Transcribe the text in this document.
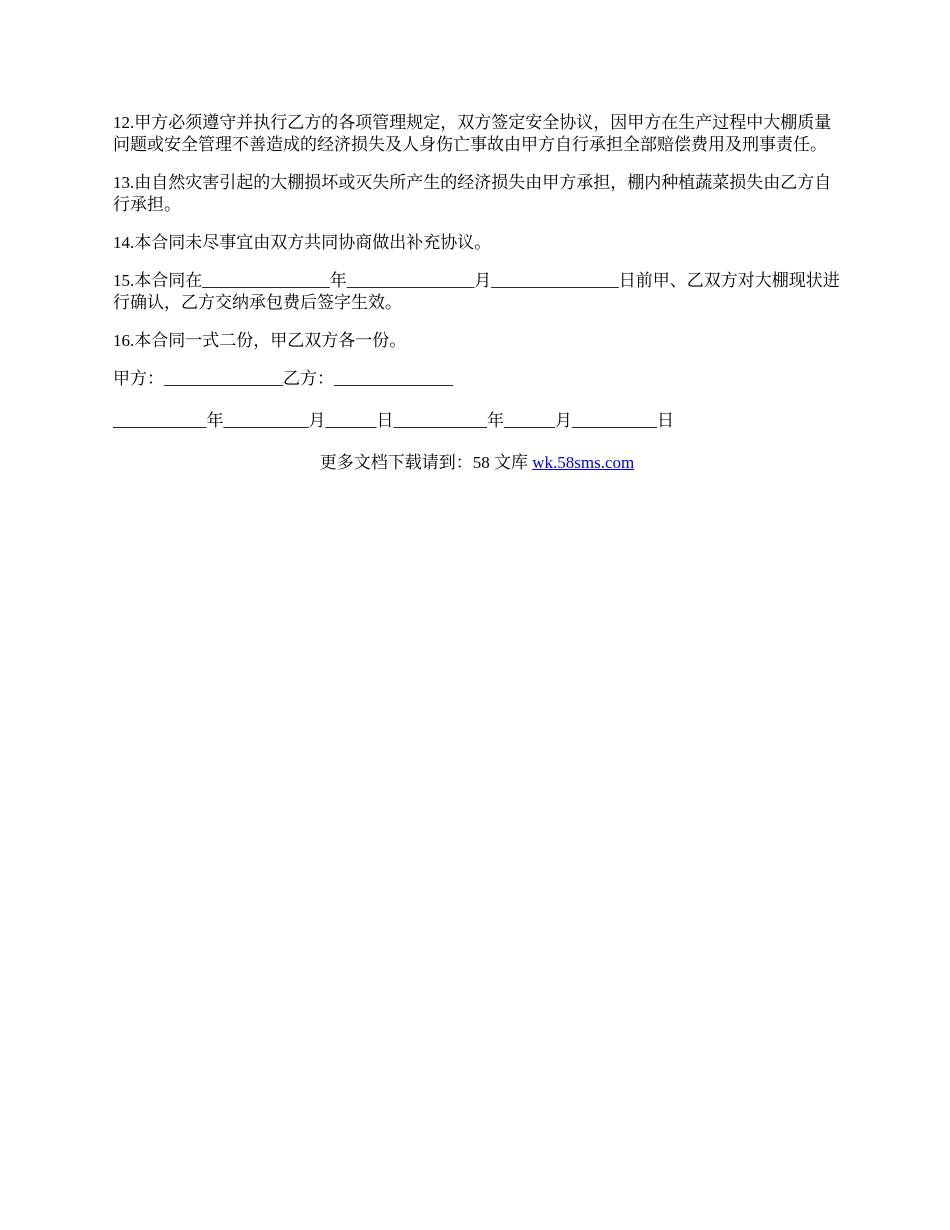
12.甲方必须遵守并执行乙方的各项管理规定，双方签定安全协议，因甲方在生产过程中大棚质量问题或安全管理不善造成的经济损失及人身伤亡事故由甲方自行承担全部赔偿费用及刑事责任。

13.由自然灾害引起的大棚损坏或灭失所产生的经济损失由甲方承担，棚内种植蔬菜损失由乙方自行承担。

14.本合同未尽事宜由双方共同协商做出补充协议。

15.本合同在_______________年_______________月_______________日前甲、乙双方对大棚现状进行确认，乙方交纳承包费后签字生效。

16.本合同一式二份，甲乙双方各一份。

甲方：______________乙方：______________

___________年__________月______日___________年______月__________日

更多文档下载请到：58 文库 wk.58sms.com
